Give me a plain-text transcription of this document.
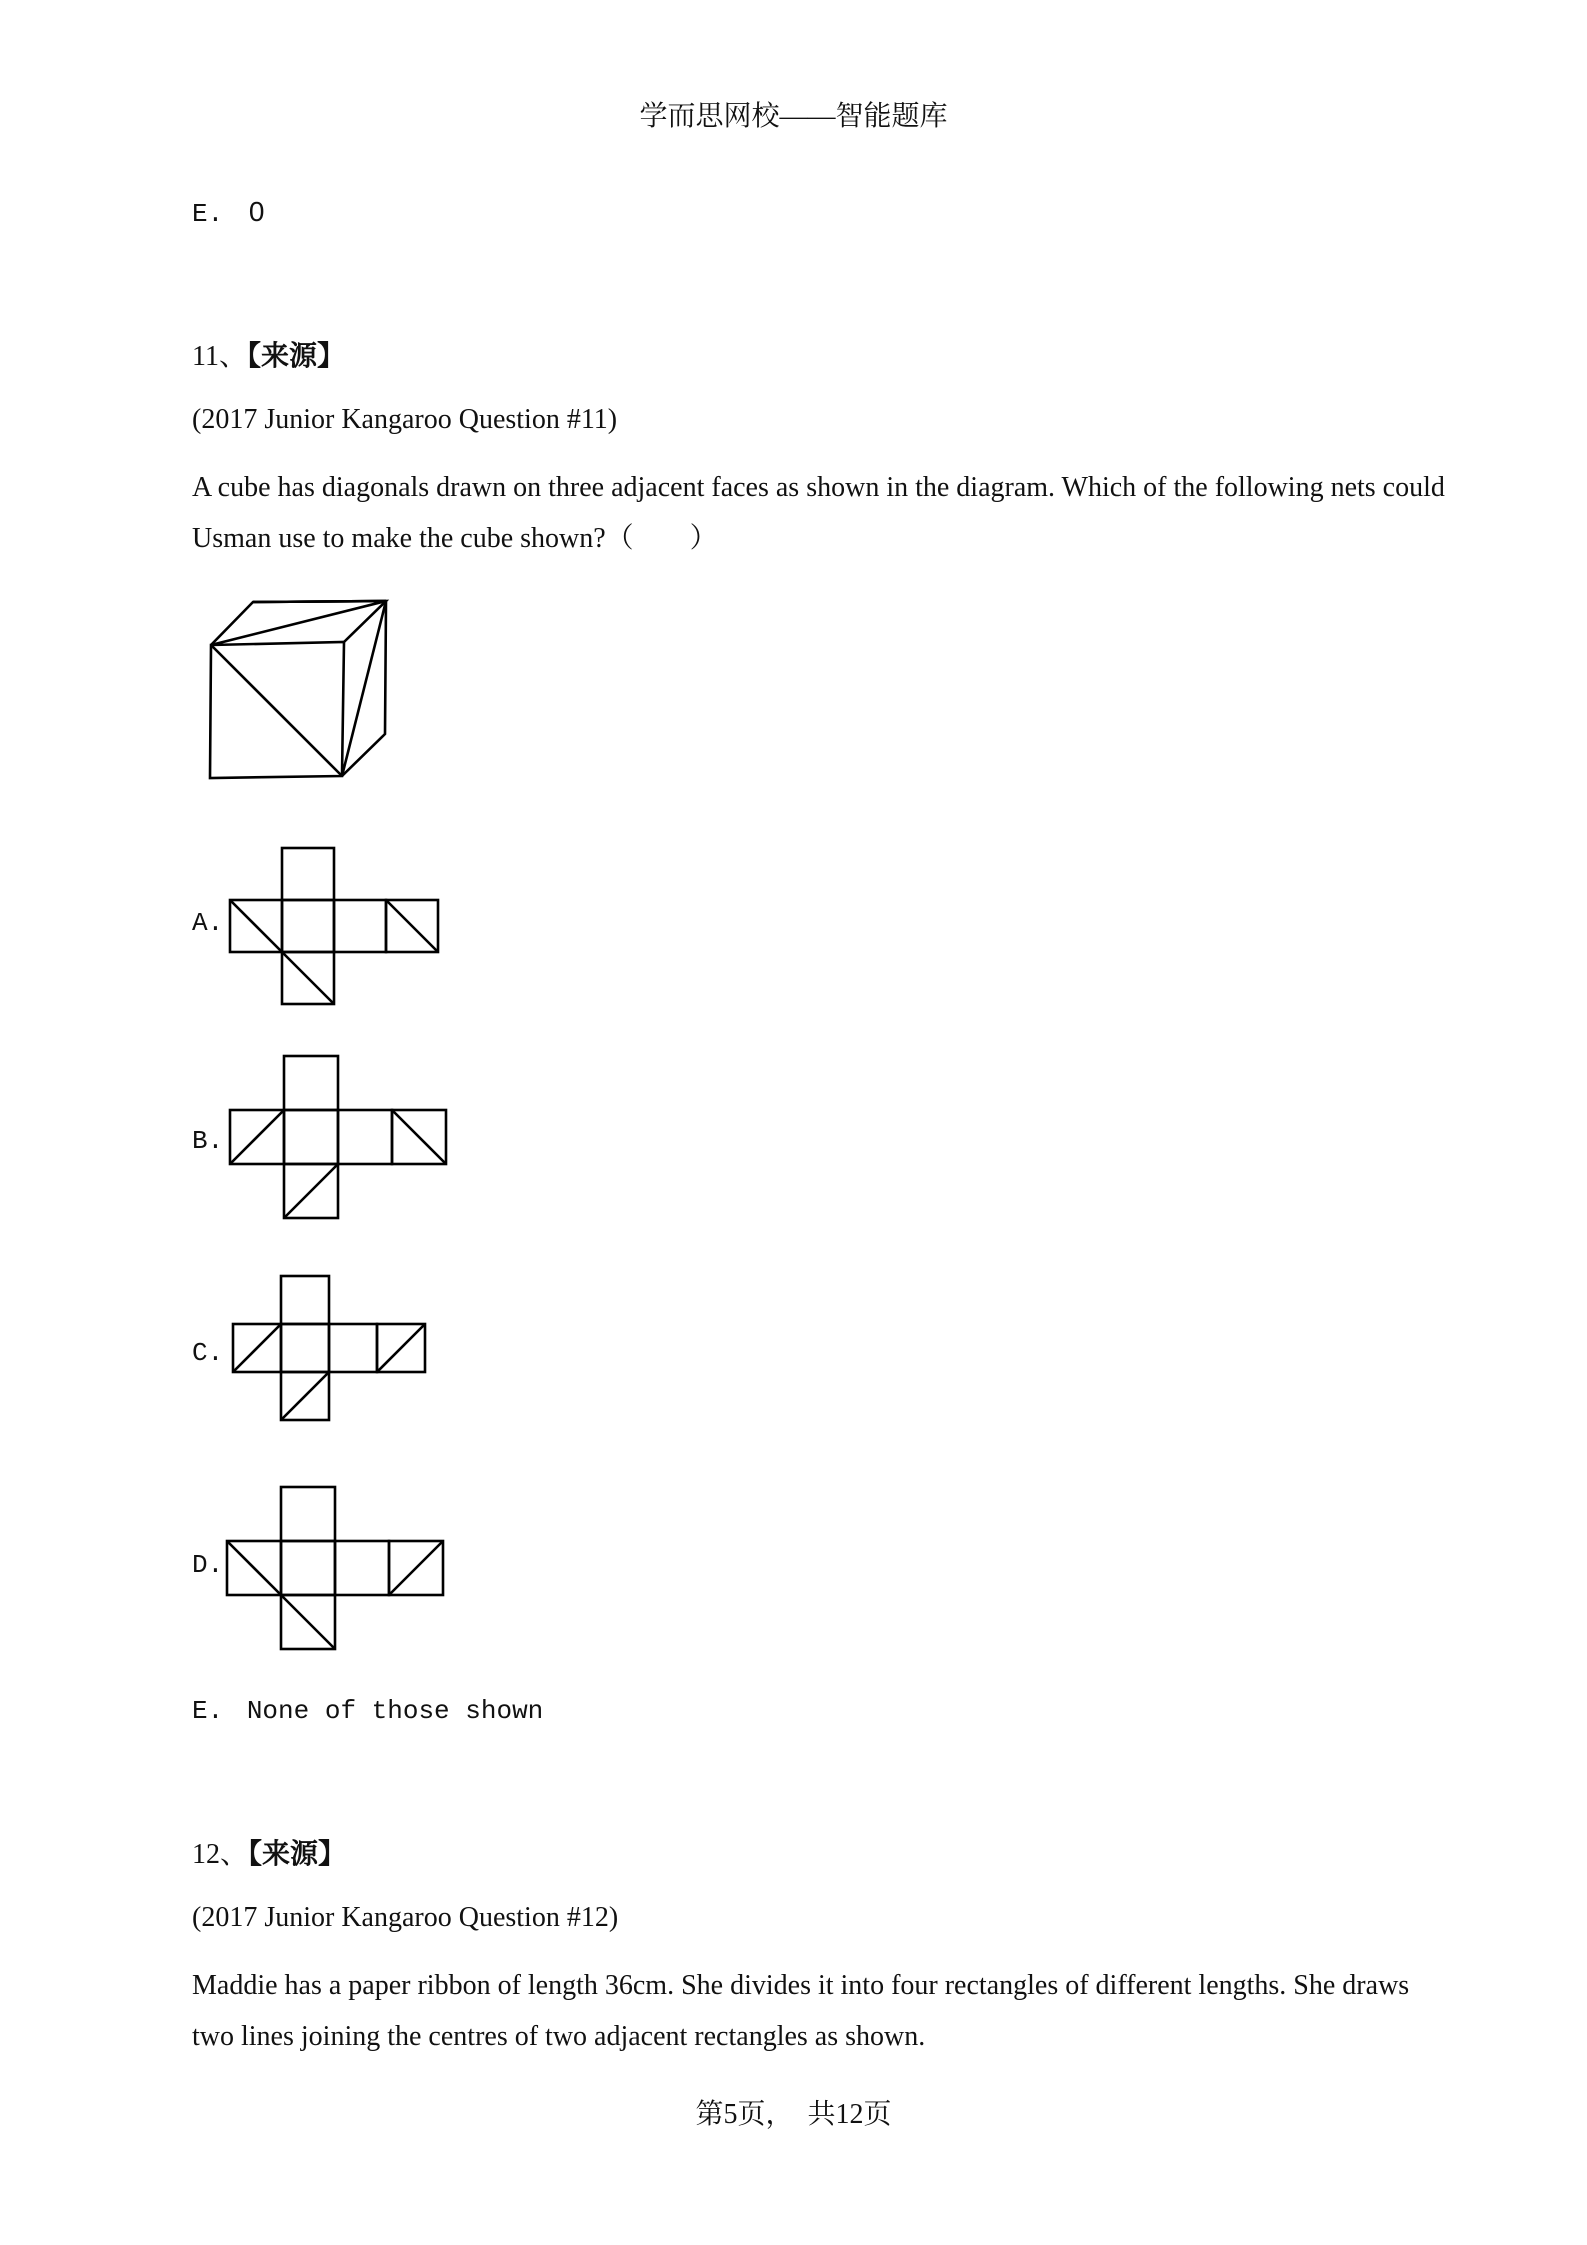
学而思网校——智能题库
E. 0
11、【来源】
(2017 Junior Kangaroo Question #11)
A cube has diagonals drawn on three adjacent faces as shown in the diagram. Which of the following nets could Usman use to make the cube shown?（　　）
A.
B.
C.
D.
E. None of those shown
12、【来源】
(2017 Junior Kangaroo Question #12)
Maddie has a paper ribbon of length 36cm. She divides it into four rectangles of different lengths. She draws two lines joining the centres of two adjacent rectangles as shown.
第5页，　共12页
